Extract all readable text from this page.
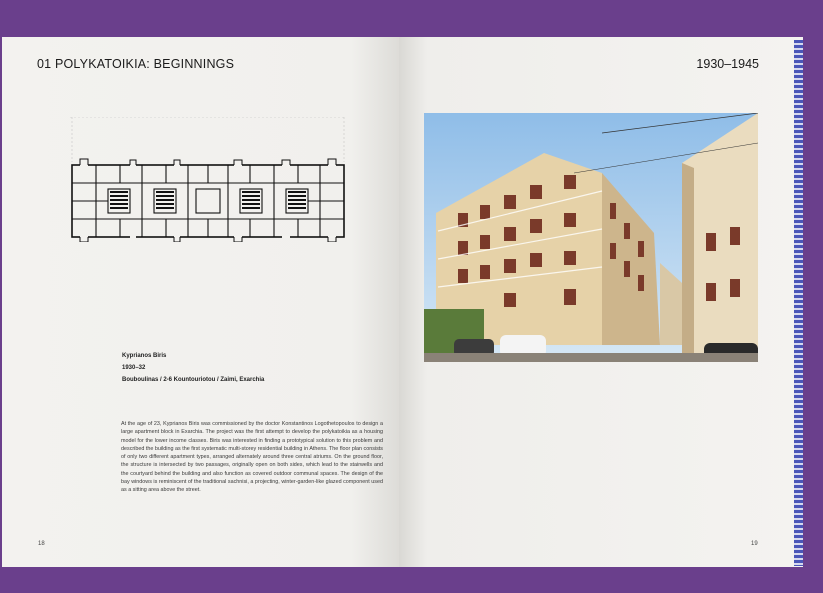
01 POLYKATOIKIA: BEGINNINGS
Kyprianos Biris
1930–32
Bouboulinas / 2-6 Kountouriotou / Zaimi, Exarchia
At the age of 23, Kyprianos Biris was commissioned by the doctor Konstantinos Logothetopoulos to design a large apartment block in Exarchia. The project was the first attempt to develop the polykatoikia as a housing model for the lower income classes. Biris was interested in finding a prototypical solution to this problem and described the building as the first systematic multi-storey residential building in Athens. The floor plan consists of only two different apartment types, arranged alternately around three central atriums. On the ground floor, the structure is intersected by two passages, originally open on both sides, which lead to the stairwells and the courtyard behind the building and also function as covered outdoor communal spaces. The design of the bay windows is reminiscent of the traditional sachnisi, a projecting, winter-garden-like glazed component used as a sitting area above the street.
18
1930–1945
19
